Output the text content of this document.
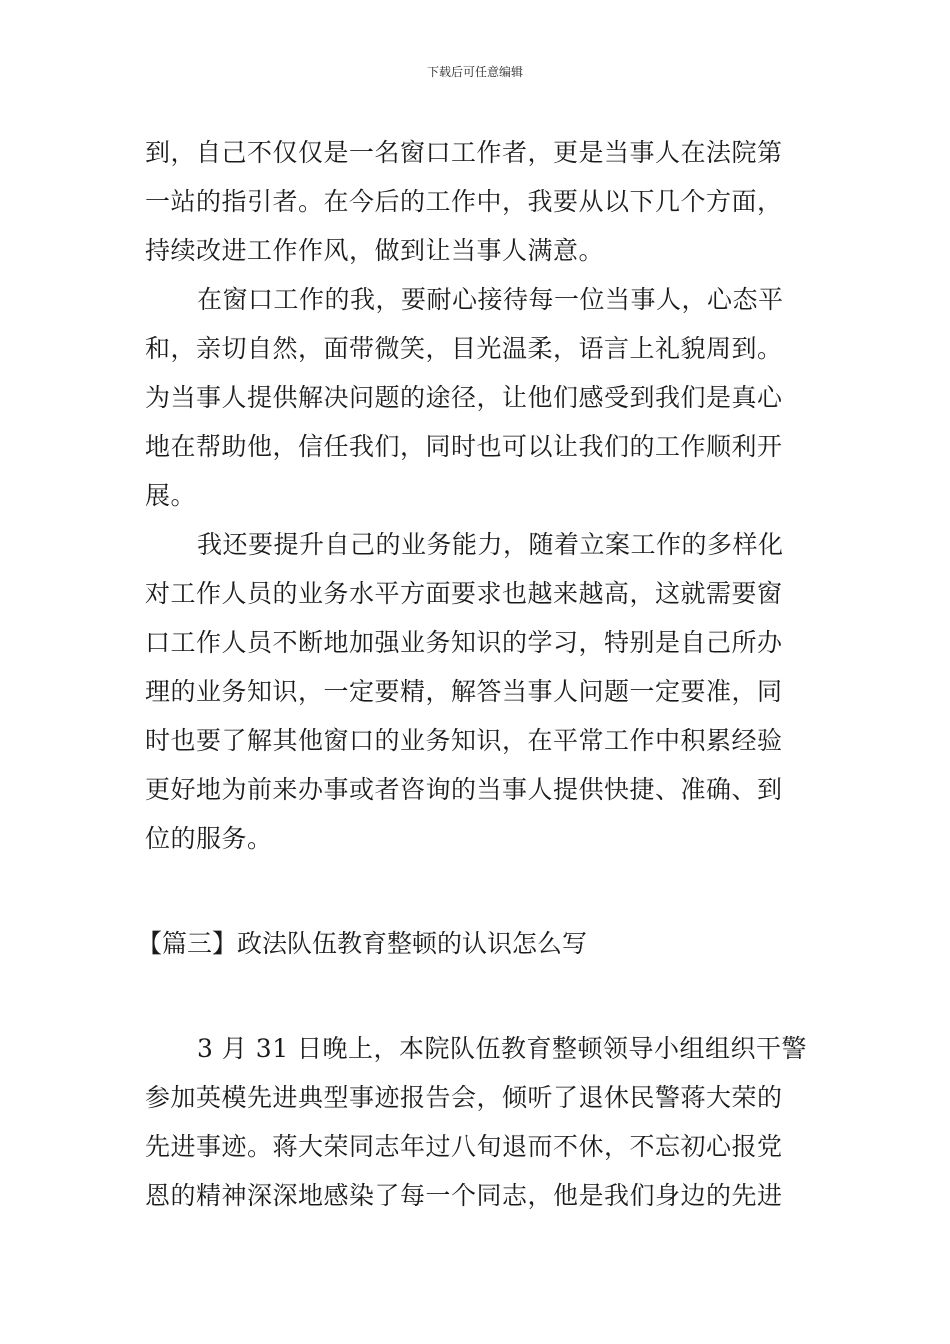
下载后可任意编辑
到，自己不仅仅是一名窗口工作者，更是当事人在法院第
一站的指引者。在今后的工作中，我要从以下几个方面，
持续改进工作作风，做到让当事人满意。
在窗口工作的我，要耐心接待每一位当事人，心态平
和，亲切自然，面带微笑，目光温柔，语言上礼貌周到。
为当事人提供解决问题的途径，让他们感受到我们是真心
地在帮助他，信任我们，同时也可以让我们的工作顺利开
展。
我还要提升自己的业务能力，随着立案工作的多样化
对工作人员的业务水平方面要求也越来越高，这就需要窗
口工作人员不断地加强业务知识的学习，特别是自己所办
理的业务知识，一定要精，解答当事人问题一定要准，同
时也要了解其他窗口的业务知识，在平常工作中积累经验
更好地为前来办事或者咨询的当事人提供快捷、准确、到
位的服务。
【篇三】政法队伍教育整顿的认识怎么写
3 月 31 日晚上，本院队伍教育整顿领导小组组织干警
参加英模先进典型事迹报告会，倾听了退休民警蒋大荣的
先进事迹。蒋大荣同志年过八旬退而不休，不忘初心报党
恩的精神深深地感染了每一个同志，他是我们身边的先进
